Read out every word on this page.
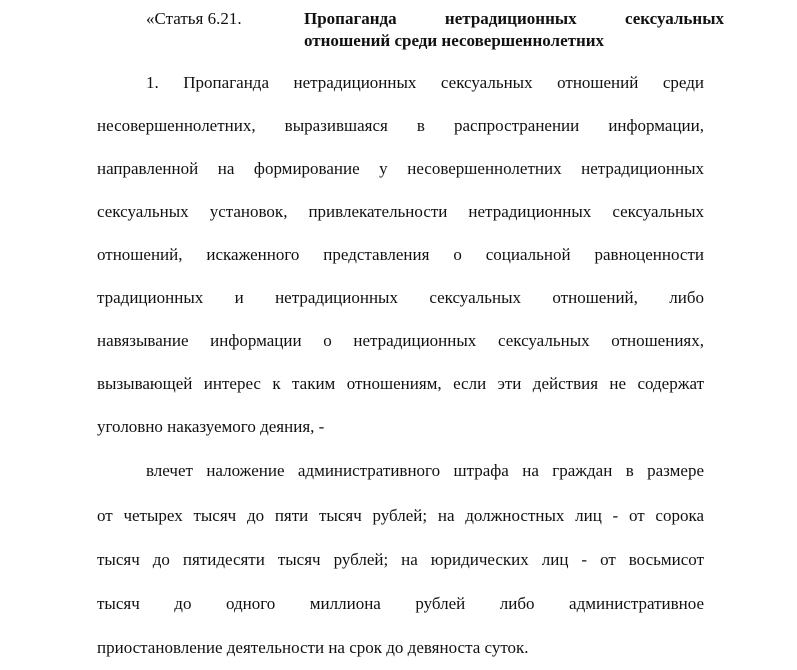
«Статья 6.21.	Пропаганда нетрадиционных сексуальных
отношений среди несовершеннолетних
1. Пропаганда нетрадиционных сексуальных отношений среди
несовершеннолетних, выразившаяся в распространении информации,
направленной на формирование у несовершеннолетних нетрадиционных
сексуальных установок, привлекательности нетрадиционных сексуальных
отношений, искаженного представления о социальной равноценности
традиционных и нетрадиционных сексуальных отношений, либо
навязывание информации о нетрадиционных сексуальных отношениях,
вызывающей интерес к таким отношениям, если эти действия не содержат
уголовно наказуемого деяния, -
влечет наложение административного штрафа на граждан в размере
от четырех тысяч до пяти тысяч рублей; на должностных лиц - от сорока
тысяч до пятидесяти тысяч рублей; на юридических лиц - от восьмисот
тысяч до одного миллиона рублей либо административное
приостановление деятельности на срок до девяноста суток.
